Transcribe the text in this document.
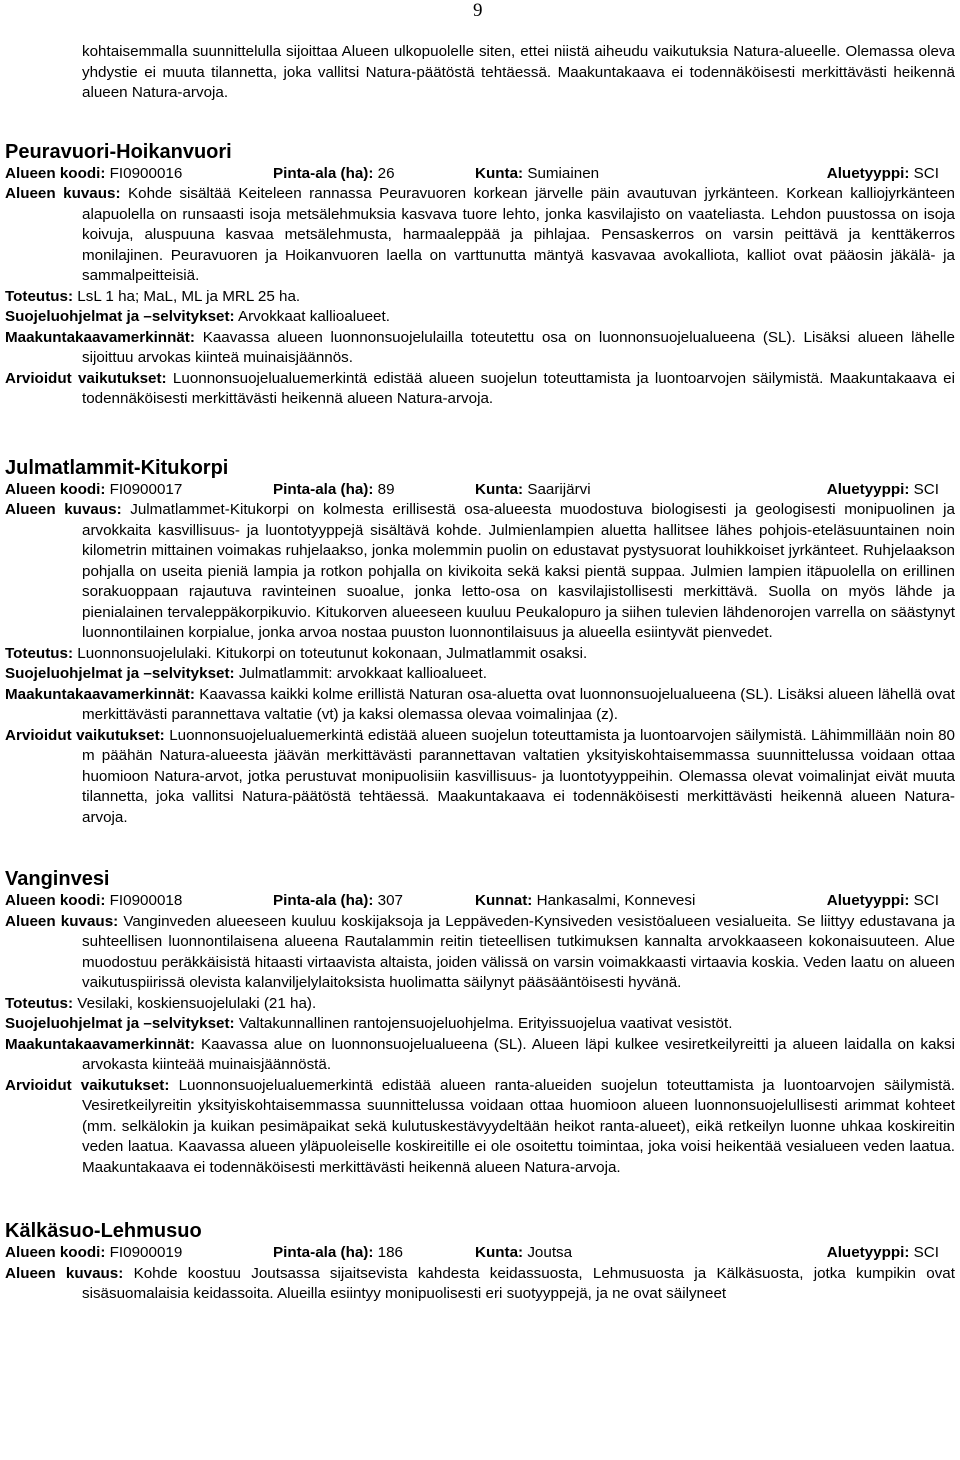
9

kohtaisemmalla suunnittelulla sijoittaa Alueen ulkopuolelle siten, ettei niistä aiheudu vaikutuksia Natura-alueelle. Olemassa oleva yhdystie ei muuta tilannetta, joka vallitsi Natura-päätöstä tehtäessä. Maakuntakaava ei todennäköisesti merkittävästi heikennä alueen Natura-arvoja.

Peuravuori-Hoikanvuori
Alueen koodi: FI0900016	Pinta-ala (ha): 26	Kunta: Sumiainen	Aluetyyppi: SCI

Alueen kuvaus: Kohde sisältää Keiteleen rannassa Peuravuoren korkean järvelle päin avautuvan jyrkänteen. Korkean kalliojyrkänteen alapuolella on runsaasti isoja metsälehmuksia kasvava tuore lehto, jonka kasvilajisto on vaateliasta. Lehdon puustossa on isoja koivuja, aluspuuna kasvaa metsälehmusta, harmaaleppää ja pihlajaa. Pensaskerros on varsin peittävä ja kenttäkerros monilajinen. Peuravuoren ja Hoikanvuoren laella on varttunutta mäntyä kasvavaa avokalliota, kalliot ovat pääosin jäkälä- ja sammalpeitteisiä.

Toteutus: LsL 1 ha; MaL, ML ja MRL 25 ha.

Suojeluohjelmat ja –selvitykset: Arvokkaat kallioalueet.

Maakuntakaavamerkinnät: Kaavassa alueen luonnonsuojelulailla toteutettu osa on luonnonsuojelualueena (SL). Lisäksi alueen lähelle sijoittuu arvokas kiinteä muinaisjäännös.

Arvioidut vaikutukset: Luonnonsuojelualuemerkintä edistää alueen suojelun toteuttamista ja luontoarvojen säilymistä. Maakuntakaava ei todennäköisesti merkittävästi heikennä alueen Natura-arvoja.

Julmatlammit-Kitukorpi
Alueen koodi: FI0900017	Pinta-ala (ha): 89	Kunta: Saarijärvi	Aluetyyppi: SCI

Alueen kuvaus: Julmatlammet-Kitukorpi on kolmesta erillisestä osa-alueesta muodostuva biologisesti ja geologisesti monipuolinen ja arvokkaita kasvillisuus- ja luontotyyppejä sisältävä kohde. Julmienlampien aluetta hallitsee lähes pohjois-eteläsuuntainen noin kilometrin mittainen voimakas ruhjelaakso, jonka molemmin puolin on edustavat pystysuorat louhikkoiset jyrkänteet. Ruhjelaakson pohjalla on useita pieniä lampia ja rotkon pohjalla on kivikoita sekä kaksi pientä suppaa. Julmien lampien itäpuolella on erillinen sorakuoppaan rajautuva ravinteinen suoalue, jonka letto-osa on kasvilajistollisesti merkittävä. Suolla on myös lähde ja pienialainen tervaleppäkorpikuvio. Kitukorven alueeseen kuuluu Peukalopuro ja siihen tulevien lähdenorojen varrella on säästynyt luonnontilainen korpialue, jonka arvoa nostaa puuston luonnontilaisuus ja alueella esiintyvät pienvedet.

Toteutus: Luonnonsuojelulaki. Kitukorpi on toteutunut kokonaan, Julmatlammit osaksi.

Suojeluohjelmat ja –selvitykset: Julmatlammit: arvokkaat kallioalueet.

Maakuntakaavamerkinnät: Kaavassa kaikki kolme erillistä Naturan osa-aluetta ovat luonnonsuojelualueena (SL). Lisäksi alueen lähellä ovat merkittävästi parannettava valtatie (vt) ja kaksi olemassa olevaa voimalinjaa (z).

Arvioidut vaikutukset: Luonnonsuojelualuemerkintä edistää alueen suojelun toteuttamista ja luontoarvojen säilymistä. Lähimmillään noin 80 m päähän Natura-alueesta jäävän merkittävästi parannettavan valtatien yksityiskohtaisemmassa suunnittelussa voidaan ottaa huomioon Natura-arvot, jotka perustuvat monipuolisiin kasvillisuus- ja luontotyyppeihin. Olemassa olevat voimalinjat eivät muuta tilannetta, joka vallitsi Natura-päätöstä tehtäessä. Maakuntakaava ei todennäköisesti merkittävästi heikennä alueen Natura-arvoja.

Vanginvesi
Alueen koodi: FI0900018	Pinta-ala (ha): 307	Kunnat: Hankasalmi, Konnevesi	Aluetyyppi: SCI

Alueen kuvaus: Vanginveden alueeseen kuuluu koskijaksoja ja Leppäveden-Kynsiveden vesistöalueen vesialueita. Se liittyy edustavana ja suhteellisen luonnontilaisena alueena Rautalammin reitin tieteellisen tutkimuksen kannalta arvokkaaseen kokonaisuuteen. Alue muodostuu peräkkäisistä hitaasti virtaavista altaista, joiden välissä on varsin voimakkaasti virtaavia koskia. Veden laatu on alueen vaikutuspiirissä olevista kalanviljelylaitoksista huolimatta säilynyt pääsääntöisesti hyvänä.

Toteutus: Vesilaki, koskiensuojelulaki (21 ha).

Suojeluohjelmat ja –selvitykset: Valtakunnallinen rantojensuojeluohjelma. Erityissuojelua vaativat vesistöt.

Maakuntakaavamerkinnät: Kaavassa alue on luonnonsuojelualueena (SL). Alueen läpi kulkee vesiretkeilyreitti ja alueen laidalla on kaksi arvokasta kiinteää muinaisjäännöstä.

Arvioidut vaikutukset: Luonnonsuojelualuemerkintä edistää alueen ranta-alueiden suojelun toteuttamista ja luontoarvojen säilymistä. Vesiretkeilyreitin yksityiskohtaisemmassa suunnittelussa voidaan ottaa huomioon alueen luonnonsuojelullisesti arimmat kohteet (mm. selkälokin ja kuikan pesimäpaikat sekä kulutuskestävyydeltään heikot ranta-alueet), eikä retkeilyn luonne uhkaa koskireitin veden laatua. Kaavassa alueen yläpuoleiselle koskireitille ei ole osoitettu toimintaa, joka voisi heikentää vesialueen veden laatua. Maakuntakaava ei todennäköisesti merkittävästi heikennä alueen Natura-arvoja.

Kälkäsuo-Lehmusuo
Alueen koodi: FI0900019	Pinta-ala (ha): 186	Kunta: Joutsa	Aluetyyppi: SCI

Alueen kuvaus: Kohde koostuu Joutsassa sijaitsevista kahdesta keidassuosta, Lehmusuosta ja Kälkäsuosta, jotka kumpikin ovat sisäsuomalaisia keidassoita. Alueilla esiintyy monipuolisesti eri suotyyppejä, ja ne ovat säilyneet
